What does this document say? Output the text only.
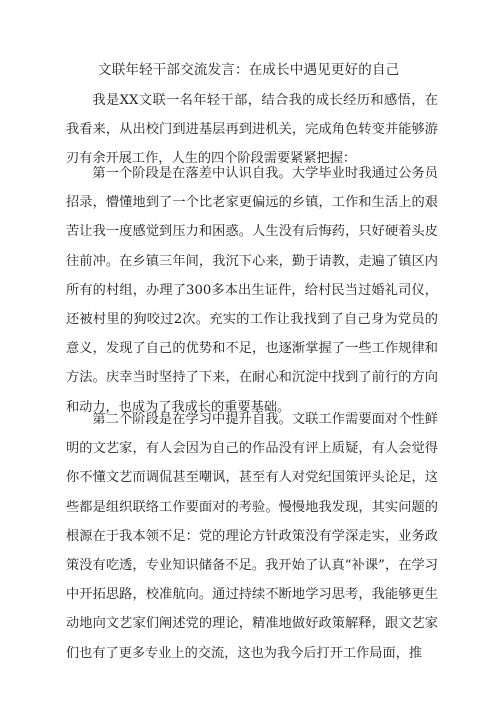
文联年轻干部交流发言：在成长中遇见更好的自己

我是XX文联一名年轻干部，结合我的成长经历和感悟，在我看来，从出校门到进基层再到进机关，完成角色转变并能够游刃有余开展工作，人生的四个阶段需要紧紧把握：

第一个阶段是在落差中认识自我。大学毕业时我通过公务员招录，懵懂地到了一个比老家更偏远的乡镇，工作和生活上的艰苦让我一度感觉到压力和困惑。人生没有后悔药，只好硬着头皮往前冲。在乡镇三年间，我沉下心来，勤于请教，走遍了镇区内所有的村组，办理了300多本出生证件，给村民当过婚礼司仪，还被村里的狗咬过2次。充实的工作让我找到了自己身为党员的意义，发现了自己的优势和不足，也逐渐掌握了一些工作规律和方法。庆幸当时坚持了下来，在耐心和沉淀中找到了前行的方向和动力，也成为了我成长的重要基础。

第二个阶段是在学习中提升自我。文联工作需要面对个性鲜明的文艺家，有人会因为自己的作品没有评上质疑，有人会觉得你不懂文艺而调侃甚至嘲讽，甚至有人对党纪国策评头论足，这些都是组织联络工作要面对的考验。慢慢地我发现，其实问题的根源在于我本领不足：党的理论方针政策没有学深走实，业务政策没有吃透，专业知识储备不足。我开始了认真“补课”，在学习中开拓思路，校准航向。通过持续不断地学习思考，我能够更生动地向文艺家们阐述党的理论，精准地做好政策解释，跟文艺家们也有了更多专业上的交流，这也为我今后打开工作局面，推
